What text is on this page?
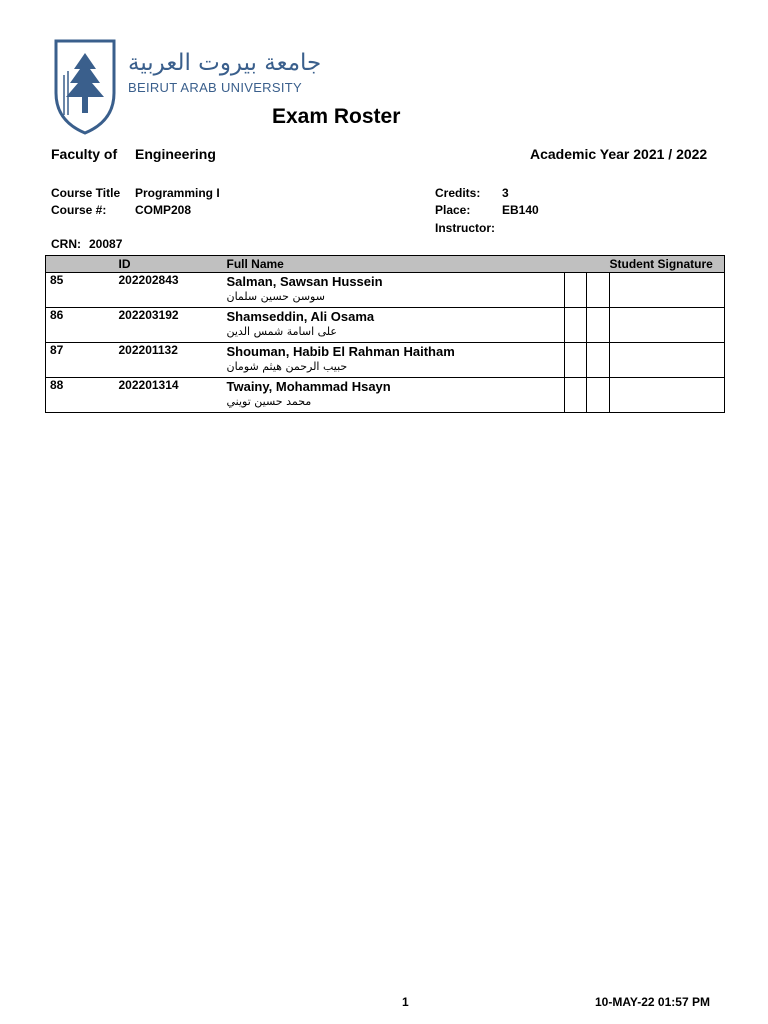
جامعة بيروت العربية
BEIRUT ARAB UNIVERSITY
Exam Roster
Faculty of Engineering	Academic Year 2021 / 2022
Course Title Programming I
Course #: COMP208
Credits: 3
Place:	EB140
Instructor:
CRN: 20087
	ID	Full Name			Student Signature
85	202202843	Salman, Sawsan Hussein
سوسن حسين سلمان			

86	202203192	Shamseddin, Ali Osama
على اسامة شمس الدين			

87	202201132	Shouman, Habib El Rahman Haitham
حبيب الرحمن هيثم شومان			

88	202201314	Twainy, Mohammad Hsayn
محمد حسين تويني			

1	10-MAY-22 01:57 PM
